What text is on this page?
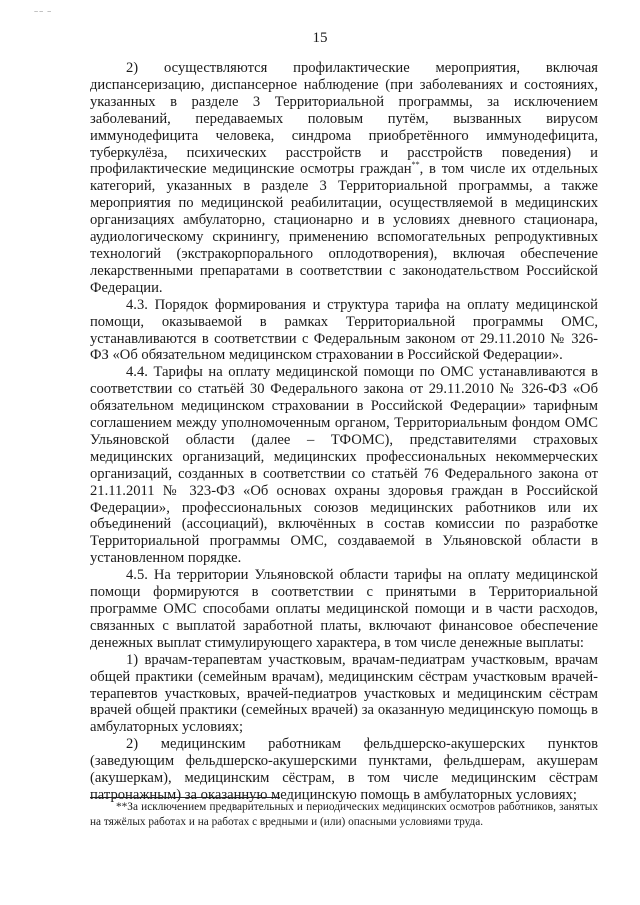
~~ ~
15

2) осуществляются профилактические мероприятия, включая диспансеризацию, диспансерное наблюдение (при заболеваниях и состояниях, указанных в разделе 3 Территориальной программы, за исключением заболеваний, передаваемых половым путём, вызванных вирусом иммунодефицита человека, синдрома приобретённого иммунодефицита, туберкулёза, психических расстройств и расстройств поведения) и профилактические медицинские осмотры граждан**, в том числе их отдельных категорий, указанных в разделе 3 Территориальной программы, а также мероприятия по медицинской реабилитации, осуществляемой в медицинских организациях амбулаторно, стационарно и в условиях дневного стационара, аудиологическому скринингу, применению вспомогательных репродуктивных технологий (экстракорпорального оплодотворения), включая обеспечение лекарственными препаратами в соответствии с законодательством Российской Федерации.

4.3. Порядок формирования и структура тарифа на оплату медицинской помощи, оказываемой в рамках Территориальной программы ОМС, устанавливаются в соответствии с Федеральным законом от 29.11.2010 № 326-ФЗ «Об обязательном медицинском страховании в Российской Федерации».

4.4. Тарифы на оплату медицинской помощи по ОМС устанавливаются в соответствии со статьёй 30 Федерального закона от 29.11.2010 № 326-ФЗ «Об обязательном медицинском страховании в Российской Федерации» тарифным соглашением между уполномоченным органом, Территориальным фондом ОМС Ульяновской области (далее – ТФОМС), представителями страховых медицинских организаций, медицинских профессиональных некоммерческих организаций, созданных в соответствии со статьёй 76 Федерального закона от 21.11.2011 № 323-ФЗ «Об основах охраны здоровья граждан в Российской Федерации», профессиональных союзов медицинских работников или их объединений (ассоциаций), включённых в состав комиссии по разработке Территориальной программы ОМС, создаваемой в Ульяновской области в установленном порядке.

4.5. На территории Ульяновской области тарифы на оплату медицинской помощи формируются в соответствии с принятыми в Территориальной программе ОМС способами оплаты медицинской помощи и в части расходов, связанных с выплатой заработной платы, включают финансовое обеспечение денежных выплат стимулирующего характера, в том числе денежные выплаты:

1) врачам-терапевтам участковым, врачам-педиатрам участковым, врачам общей практики (семейным врачам), медицинским сёстрам участковым врачей-терапевтов участковых, врачей-педиатров участковых и медицинским сёстрам врачей общей практики (семейных врачей) за оказанную медицинскую помощь в амбулаторных условиях;

2) медицинским работникам фельдшерско-акушерских пунктов (заведующим фельдшерско-акушерскими пунктами, фельдшерам, акушерам (акушеркам), медицинским сёстрам, в том числе медицинским сёстрам патронажным) за оказанную медицинскую помощь в амбулаторных условиях;

**За исключением предварительных и периодических медицинских осмотров работников, занятых на тяжёлых работах и на работах с вредными и (или) опасными условиями труда.
